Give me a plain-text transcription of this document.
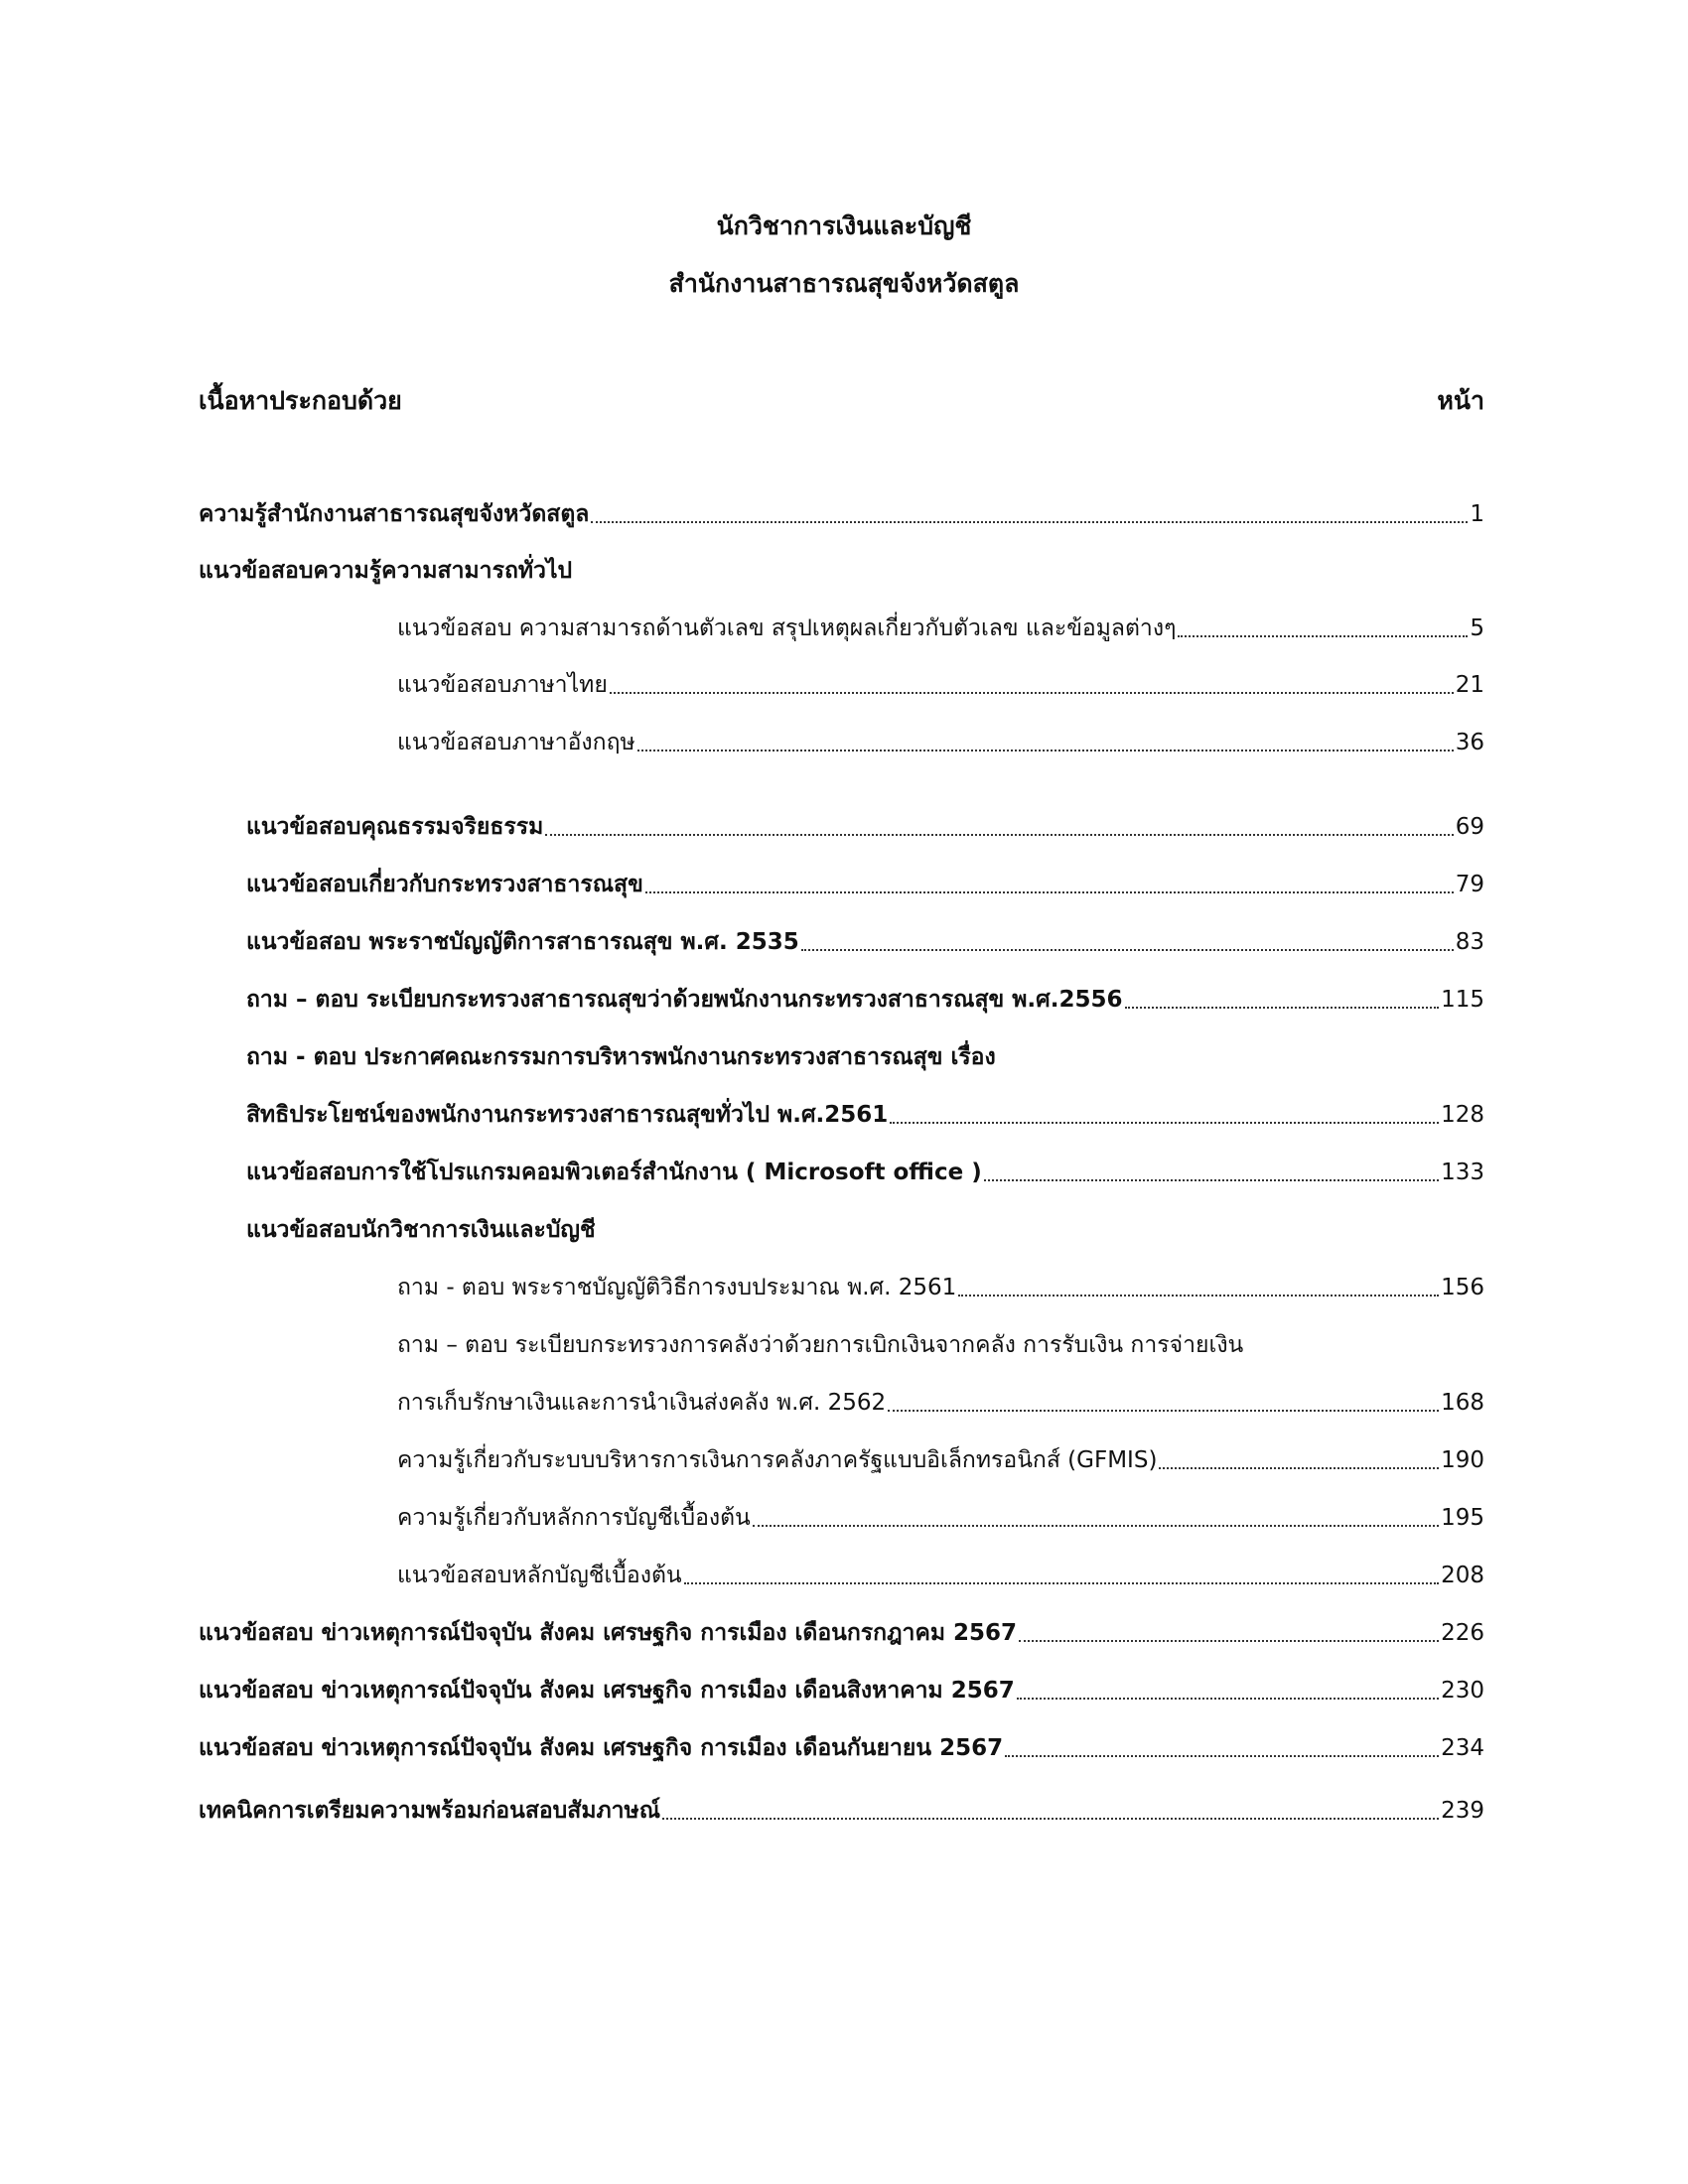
นักวิชาการเงินและบัญชี
สำนักงานสาธารณสุขจังหวัดสตูล
เนื้อหาประกอบด้วย	หน้า
ความรู้สำนักงานสาธารณสุขจังหวัดสตูล	1
แนวข้อสอบความรู้ความสามารถทั่วไป
แนวข้อสอบ ความสามารถด้านตัวเลข สรุปเหตุผลเกี่ยวกับตัวเลข และข้อมูลต่างๆ	5
แนวข้อสอบภาษาไทย	21
แนวข้อสอบภาษาอังกฤษ	36
แนวข้อสอบคุณธรรมจริยธรรม	69
แนวข้อสอบเกี่ยวกับกระทรวงสาธารณสุข	79
แนวข้อสอบ พระราชบัญญัติการสาธารณสุข พ.ศ. 2535	83
ถาม – ตอบ ระเบียบกระทรวงสาธารณสุขว่าด้วยพนักงานกระทรวงสาธารณสุข พ.ศ.2556	115
ถาม - ตอบ ประกาศคณะกรรมการบริหารพนักงานกระทรวงสาธารณสุข เรื่อง
สิทธิประโยชน์ของพนักงานกระทรวงสาธารณสุขทั่วไป พ.ศ.2561	128
แนวข้อสอบการใช้โปรแกรมคอมพิวเตอร์สำนักงาน ( Microsoft office )	133
แนวข้อสอบนักวิชาการเงินและบัญชี
ถาม - ตอบ พระราชบัญญัติวิธีการงบประมาณ พ.ศ. 2561	156
ถาม – ตอบ ระเบียบกระทรวงการคลังว่าด้วยการเบิกเงินจากคลัง การรับเงิน การจ่ายเงิน
การเก็บรักษาเงินและการนำเงินส่งคลัง พ.ศ. 2562	168
ความรู้เกี่ยวกับระบบบริหารการเงินการคลังภาครัฐแบบอิเล็กทรอนิกส์ (GFMIS)	190
ความรู้เกี่ยวกับหลักการบัญชีเบื้องต้น	195
แนวข้อสอบหลักบัญชีเบื้องต้น	208
แนวข้อสอบ ข่าวเหตุการณ์ปัจจุบัน สังคม เศรษฐกิจ การเมือง เดือนกรกฎาคม 2567	226
แนวข้อสอบ ข่าวเหตุการณ์ปัจจุบัน สังคม เศรษฐกิจ การเมือง เดือนสิงหาคาม 2567	230
แนวข้อสอบ ข่าวเหตุการณ์ปัจจุบัน สังคม เศรษฐกิจ การเมือง เดือนกันยายน 2567	234
เทคนิคการเตรียมความพร้อมก่อนสอบสัมภาษณ์	239
